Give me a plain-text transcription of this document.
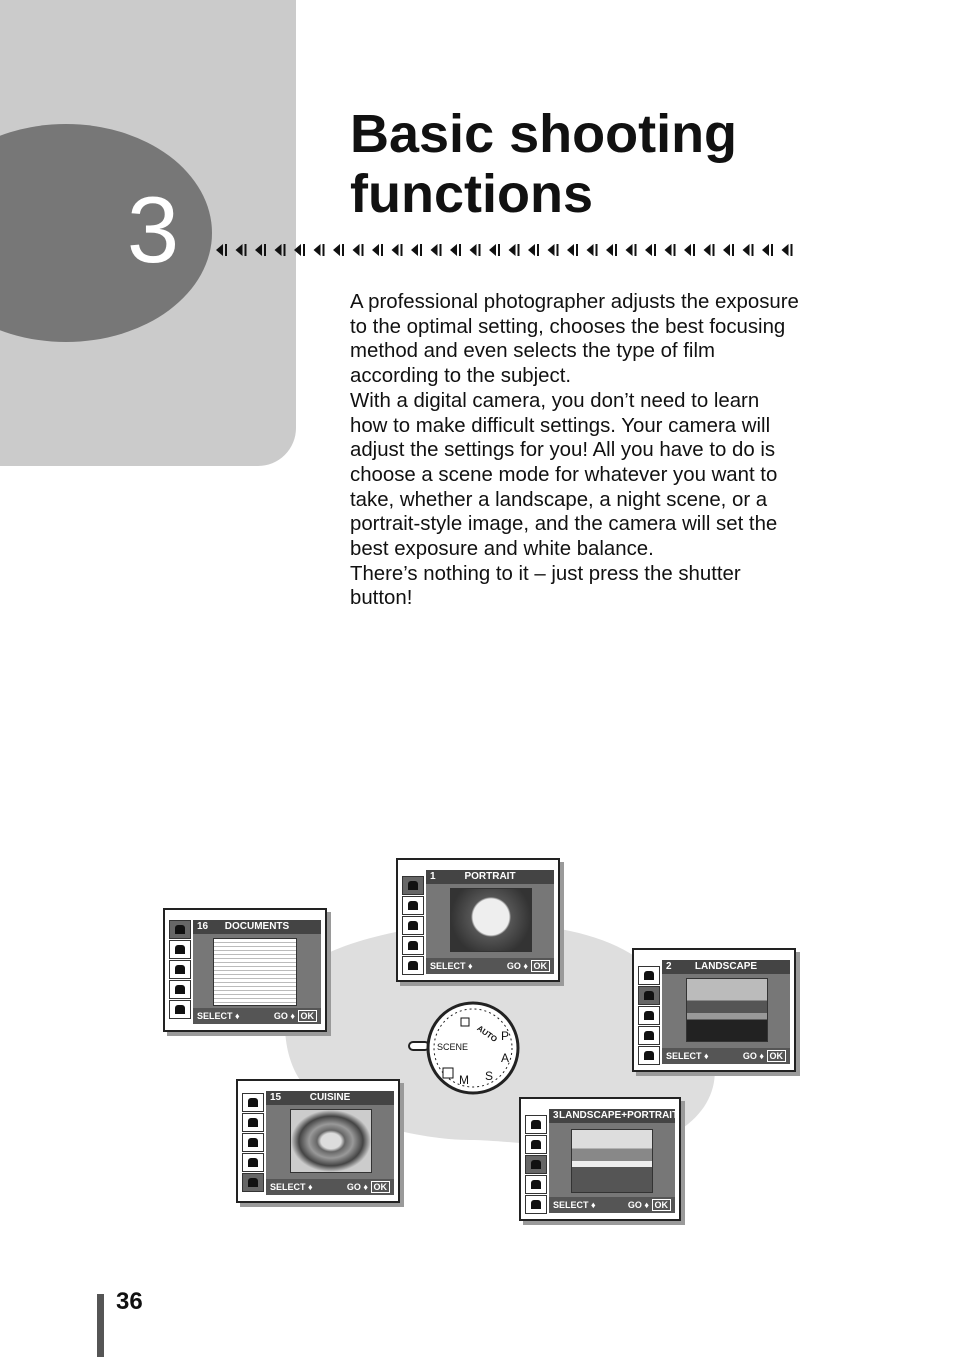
3
Basic shooting
functions

A professional photographer adjusts the exposure to the optimal setting, chooses the best focusing method and even selects the type of film according to the subject.

With a digital camera, you don’t need to learn how to make difficult settings. Your camera will adjust the settings for you! All you have to do is choose a scene mode for whatever you want to take, whether a landscape, a night scene, or a portrait-style image, and the camera will set the best exposure and white balance.

There’s nothing to it – just press the shutter button!

SCENE
AUTO P
A
S
M
16	DOCUMENTS
SELECT ♦	GO ♦ OK
1	PORTRAIT
SELECT ♦	GO ♦ OK	2	LANDSCAPE
SELECT ♦	GO ♦ OK
15	CUISINE
SELECT ♦	GO ♦ OK
3 LANDSCAPE+PORTRAIT
SELECT ♦	GO ♦ OK
36
